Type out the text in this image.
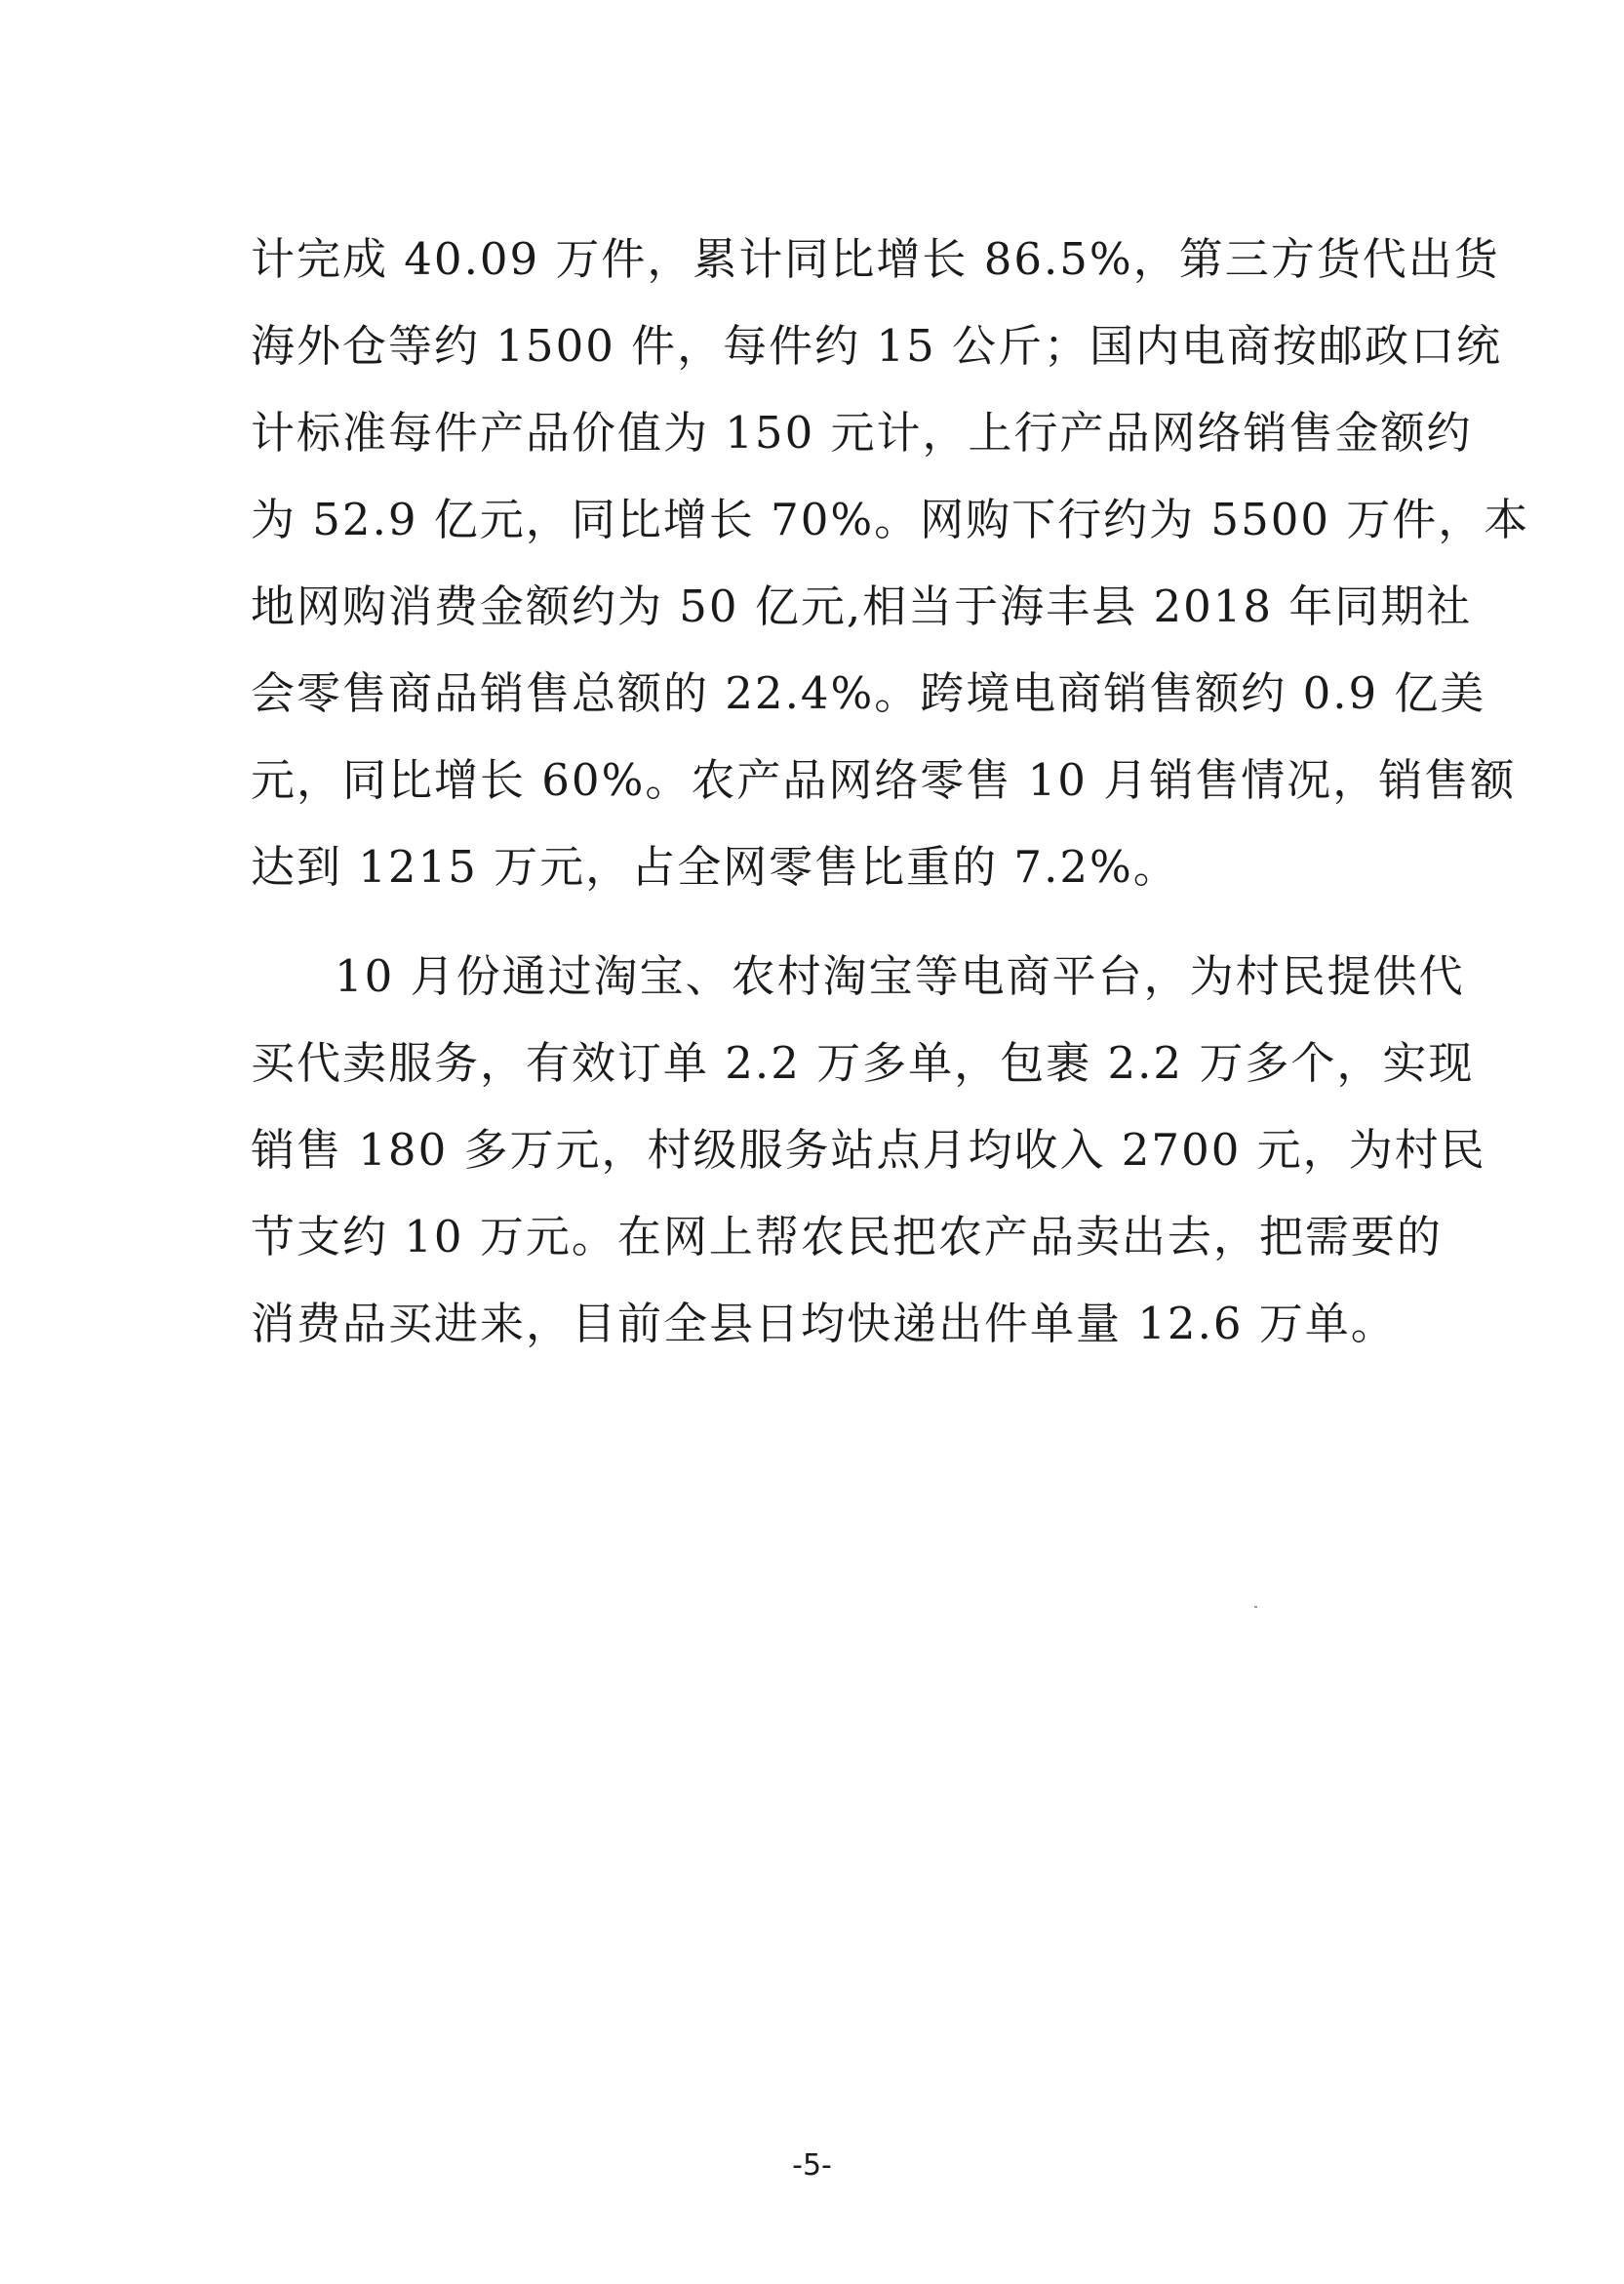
计完成 40.09 万件，累计同比增长 86.5%，第三方货代出货
海外仓等约 1500 件，每件约 15 公斤；国内电商按邮政口统
计标准每件产品价值为 150 元计，上行产品网络销售金额约
为 52.9 亿元，同比增长 70%。网购下行约为 5500 万件，本
地网购消费金额约为 50 亿元,相当于海丰县 2018 年同期社
会零售商品销售总额的 22.4%。跨境电商销售额约 0.9 亿美
元，同比增长 60%。农产品网络零售 10 月销售情况，销售额
达到 1215 万元，占全网零售比重的 7.2%。
10 月份通过淘宝、农村淘宝等电商平台，为村民提供代
买代卖服务，有效订单 2.2 万多单，包裹 2.2 万多个，实现
销售 180 多万元，村级服务站点月均收入 2700 元，为村民
节支约 10 万元。在网上帮农民把农产品卖出去，把需要的
消费品买进来，目前全县日均快递出件单量 12.6 万单。
-5-
